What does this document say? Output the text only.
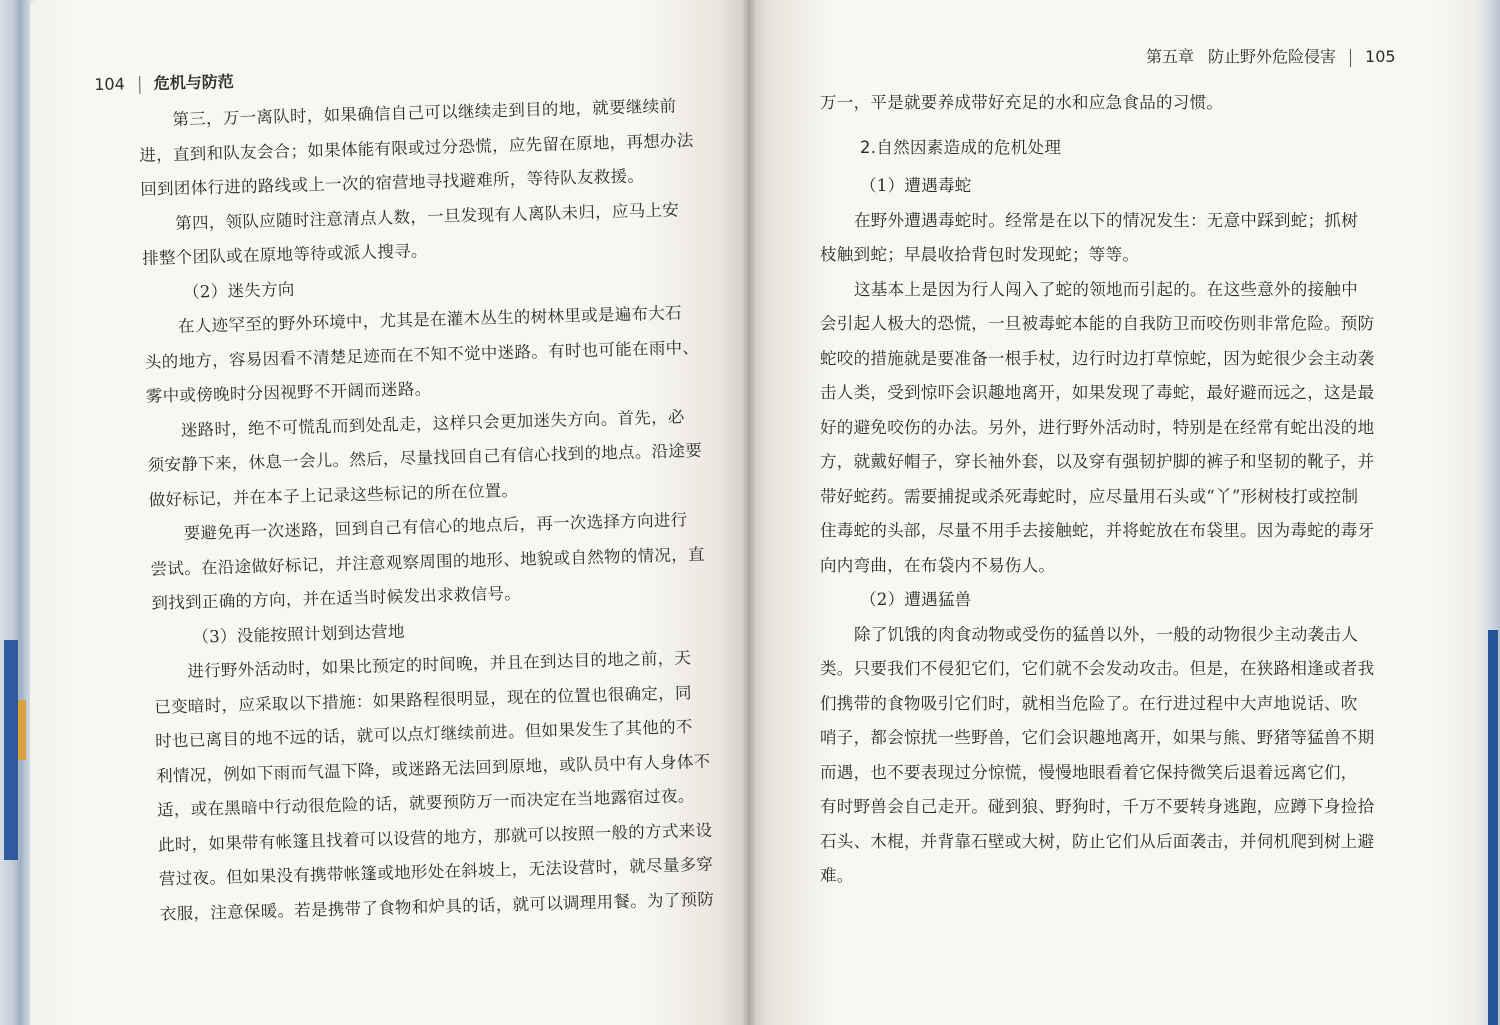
104 危机与防范

第三，万一离队时，如果确信自己可以继续走到目的地，就要继续前

进，直到和队友会合；如果体能有限或过分恐慌，应先留在原地，再想办法

回到团体行进的路线或上一次的宿营地寻找避难所，等待队友救援。

第四，领队应随时注意清点人数，一旦发现有人离队未归，应马上安

排整个团队或在原地等待或派人搜寻。

（2）迷失方向

在人迹罕至的野外环境中，尤其是在灌木丛生的树林里或是遍布大石

头的地方，容易因看不清楚足迹而在不知不觉中迷路。有时也可能在雨中、

雾中或傍晚时分因视野不开阔而迷路。

迷路时，绝不可慌乱而到处乱走，这样只会更加迷失方向。首先，必

须安静下来，休息一会儿。然后，尽量找回自己有信心找到的地点。沿途要

做好标记，并在本子上记录这些标记的所在位置。

要避免再一次迷路，回到自己有信心的地点后，再一次选择方向进行

尝试。在沿途做好标记，并注意观察周围的地形、地貌或自然物的情况，直

到找到正确的方向，并在适当时候发出求救信号。

（3）没能按照计划到达营地

进行野外活动时，如果比预定的时间晚，并且在到达目的地之前，天

已变暗时，应采取以下措施：如果路程很明显，现在的位置也很确定，同

时也已离目的地不远的话，就可以点灯继续前进。但如果发生了其他的不

利情况，例如下雨而气温下降，或迷路无法回到原地，或队员中有人身体不

适，或在黑暗中行动很危险的话，就要预防万一而决定在当地露宿过夜。

此时，如果带有帐篷且找着可以设营的地方，那就可以按照一般的方式来设

营过夜。但如果没有携带帐篷或地形处在斜坡上，无法设营时，就尽量多穿

衣服，注意保暖。若是携带了食物和炉具的话，就可以调理用餐。为了预防

第五章 防止野外危险侵害 105

万一，平是就要养成带好充足的水和应急食品的习惯。

2.自然因素造成的危机处理

（1）遭遇毒蛇

在野外遭遇毒蛇时。经常是在以下的情况发生：无意中踩到蛇；抓树

枝触到蛇；早晨收拾背包时发现蛇；等等。

这基本上是因为行人闯入了蛇的领地而引起的。在这些意外的接触中

会引起人极大的恐慌，一旦被毒蛇本能的自我防卫而咬伤则非常危险。预防

蛇咬的措施就是要准备一根手杖，边行时边打草惊蛇，因为蛇很少会主动袭

击人类，受到惊吓会识趣地离开，如果发现了毒蛇，最好避而远之，这是最

好的避免咬伤的办法。另外，进行野外活动时，特别是在经常有蛇出没的地

方，就戴好帽子，穿长袖外套，以及穿有强韧护脚的裤子和坚韧的靴子，并

带好蛇药。需要捕捉或杀死毒蛇时，应尽量用石头或“丫”形树枝打或控制

住毒蛇的头部，尽量不用手去接触蛇，并将蛇放在布袋里。因为毒蛇的毒牙

向内弯曲，在布袋内不易伤人。

（2）遭遇猛兽

除了饥饿的肉食动物或受伤的猛兽以外，一般的动物很少主动袭击人

类。只要我们不侵犯它们，它们就不会发动攻击。但是，在狭路相逢或者我

们携带的食物吸引它们时，就相当危险了。在行进过程中大声地说话、吹

哨子，都会惊扰一些野兽，它们会识趣地离开，如果与熊、野猪等猛兽不期

而遇，也不要表现过分惊慌，慢慢地眼看着它保持微笑后退着远离它们，

有时野兽会自己走开。碰到狼、野狗时，千万不要转身逃跑，应蹲下身捡拾

石头、木棍，并背靠石壁或大树，防止它们从后面袭击，并伺机爬到树上避

难。
